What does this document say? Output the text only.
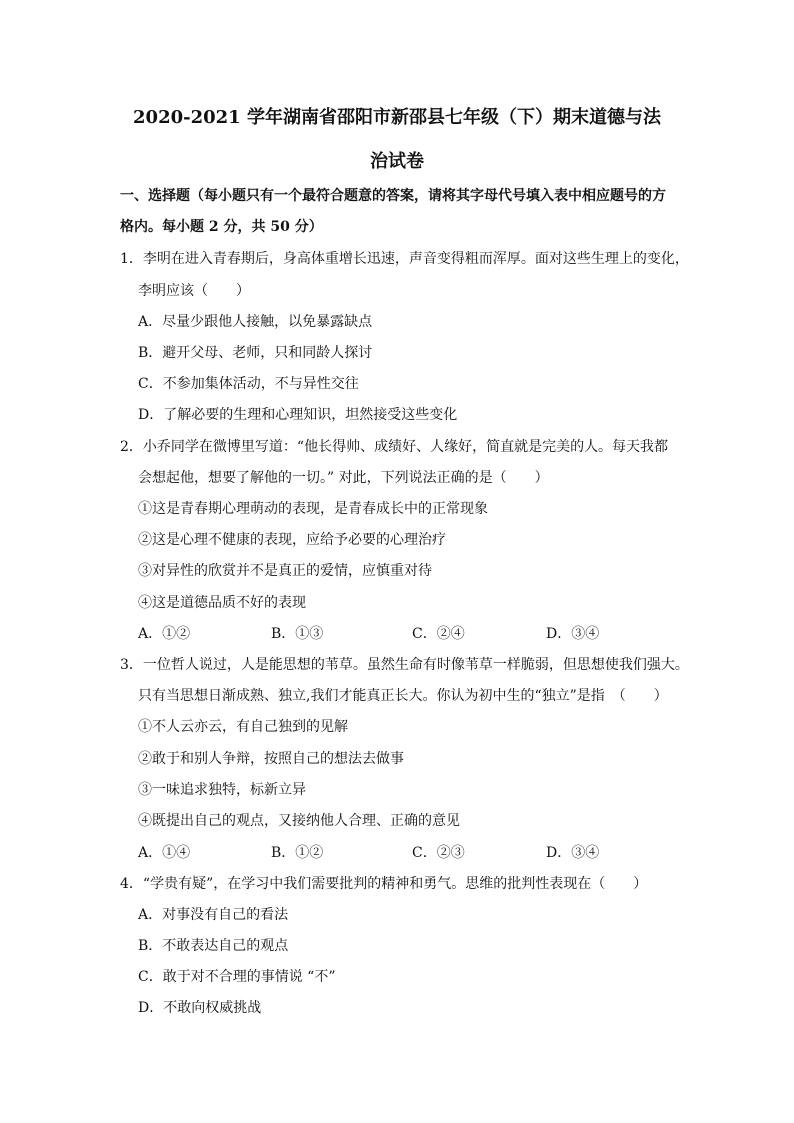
2020-2021 学年湖南省邵阳市新邵县七年级（下）期末道德与法
治试卷
一、选择题（每小题只有一个最符合题意的答案，请将其字母代号填入表中相应题号的方
格内。每小题 2 分，共 50 分）
1．李明在进入青春期后，身高体重增长迅速，声音变得粗而浑厚。面对这些生理上的变化，
李明应该（　　）
A．尽量少跟他人接触，以免暴露缺点
B．避开父母、老师，只和同龄人探讨
C．不参加集体活动，不与异性交往
D．了解必要的生理和心理知识，坦然接受这些变化
2．小乔同学在微博里写道：“他长得帅、成绩好、人缘好，简直就是完美的人。每天我都
会想起他，想要了解他的一切。” 对此，下列说法正确的是（　　）
①这是青春期心理萌动的表现，是青春成长中的正常现象
②这是心理不健康的表现，应给予必要的心理治疗
③对异性的欣赏并不是真正的爱情，应慎重对待
④这是道德品质不好的表现
A．①②	B．①③	C．②④	D．③④
3．一位哲人说过，人是能思想的苇草。虽然生命有时像苇草一样脆弱，但思想使我们强大。
只有当思想日渐成熟、独立,我们才能真正长大。你认为初中生的“独立”是指　（　　）
①不人云亦云，有自己独到的见解
②敢于和别人争辩，按照自己的想法去做事
③一味追求独特，标新立异
④既提出自己的观点，又接纳他人合理、正确的意见
A．①④	B．①②	C．②③	D．③④
4．“学贵有疑”，在学习中我们需要批判的精神和勇气。思维的批判性表现在（　　）
A．对事没有自己的看法
B．不敢表达自己的观点
C．敢于对不合理的事情说 “不”
D．不敢向权威挑战
